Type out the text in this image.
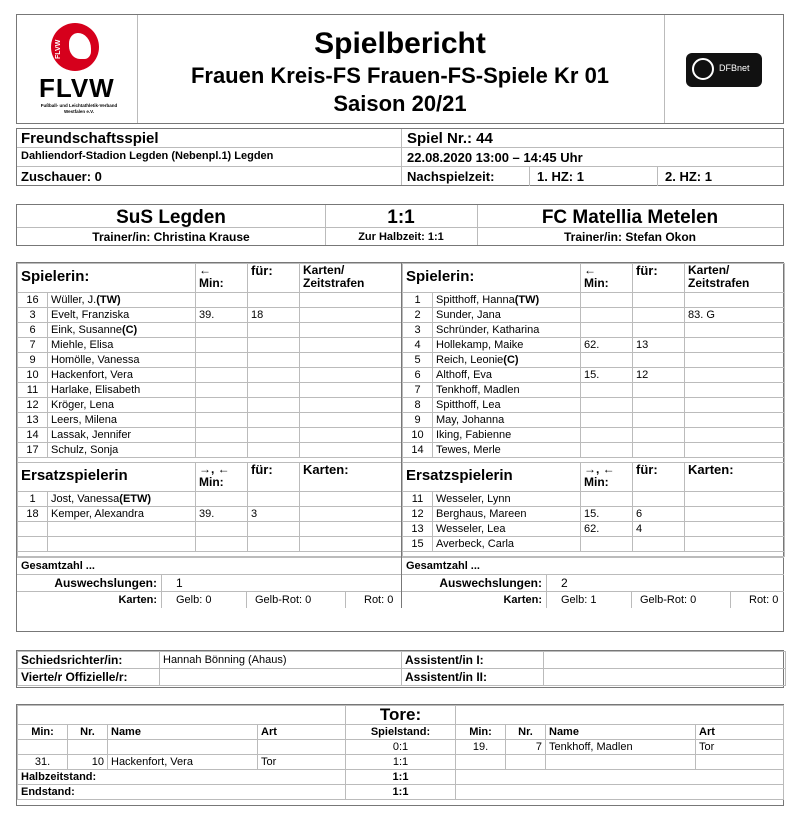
FLVW
FLVW
Fußball- und Leichtathletik-Verband Westfalen e.V.
Spielbericht
Frauen Kreis-FS Frauen-FS-Spiele Kr 01
Saison 20/21
DFBnet
Freundschaftsspiel
Dahliendorf-Stadion Legden (Nebenpl.1) Legden
Zuschauer: 0
Spiel Nr.: 44
22.08.2020 13:00 – 14:45 Uhr
Nachspielzeit:	1. HZ: 1	2. HZ: 1
SuS Legden
Trainer/in: Christina Krause
1:1
Zur Halbzeit: 1:1
FC Matellia Metelen
Trainer/in: Stefan Okon
Spielerin:		←
Min:	für:	Karten/
Zeitstrafen
16	Wüller, J.(TW)			
3	Evelt, Franziska	39.	18	
6	Eink, Susanne(C)			
7	Miehle, Elisa			
9	Homölle, Vanessa			
10	Hackenfort, Vera			
11	Harlake, Elisabeth			
12	Kröger, Lena			
13	Leers, Milena			
14	Lassak, Jennifer			
17	Schulz, Sonja			

Ersatzspielerin		→, ←
Min:	für:	Karten:
1	Jost, Vanessa(ETW)			
18	Kemper, Alexandra	39.	3	

Gesamtzahl ...
Auswechslungen:	1
Karten:	Gelb: 0	Gelb-Rot: 0	Rot: 0
Spielerin:		←
Min:	für:	Karten/
Zeitstrafen
1	Spitthoff, Hanna(TW)			
2	Sunder, Jana			83. G
3	Schründer, Katharina			
4	Hollekamp, Maike	62.	13	
5	Reich, Leonie(C)			
6	Althoff, Eva	15.	12	
7	Tenkhoff, Madlen			
8	Spitthoff, Lea			
9	May, Johanna			
10	Iking, Fabienne			
14	Tewes, Merle			

Ersatzspielerin		→, ←
Min:	für:	Karten:
11	Wesseler, Lynn			
12	Berghaus, Mareen	15.	6	
13	Wesseler, Lea	62.	4	
15	Averbeck, Carla			

Gesamtzahl ...
Auswechslungen:	2
Karten:	Gelb: 1	Gelb-Rot: 0	Rot: 0
Schiedsrichter/in:	Hannah Bönning (Ahaus)	Assistent/in I:	
Vierte/r Offizielle/r:		Assistent/in II:	
				Tore:				
Min:	Nr.	Name	Art	Spielstand:	Min:	Nr.	Name	Art
				0:1	19.	7	Tenkhoff, Madlen	Tor
31.	10	Hackenfort, Vera	Tor	1:1				
Halbzeitstand:				1:1				
Endstand:				1:1				
